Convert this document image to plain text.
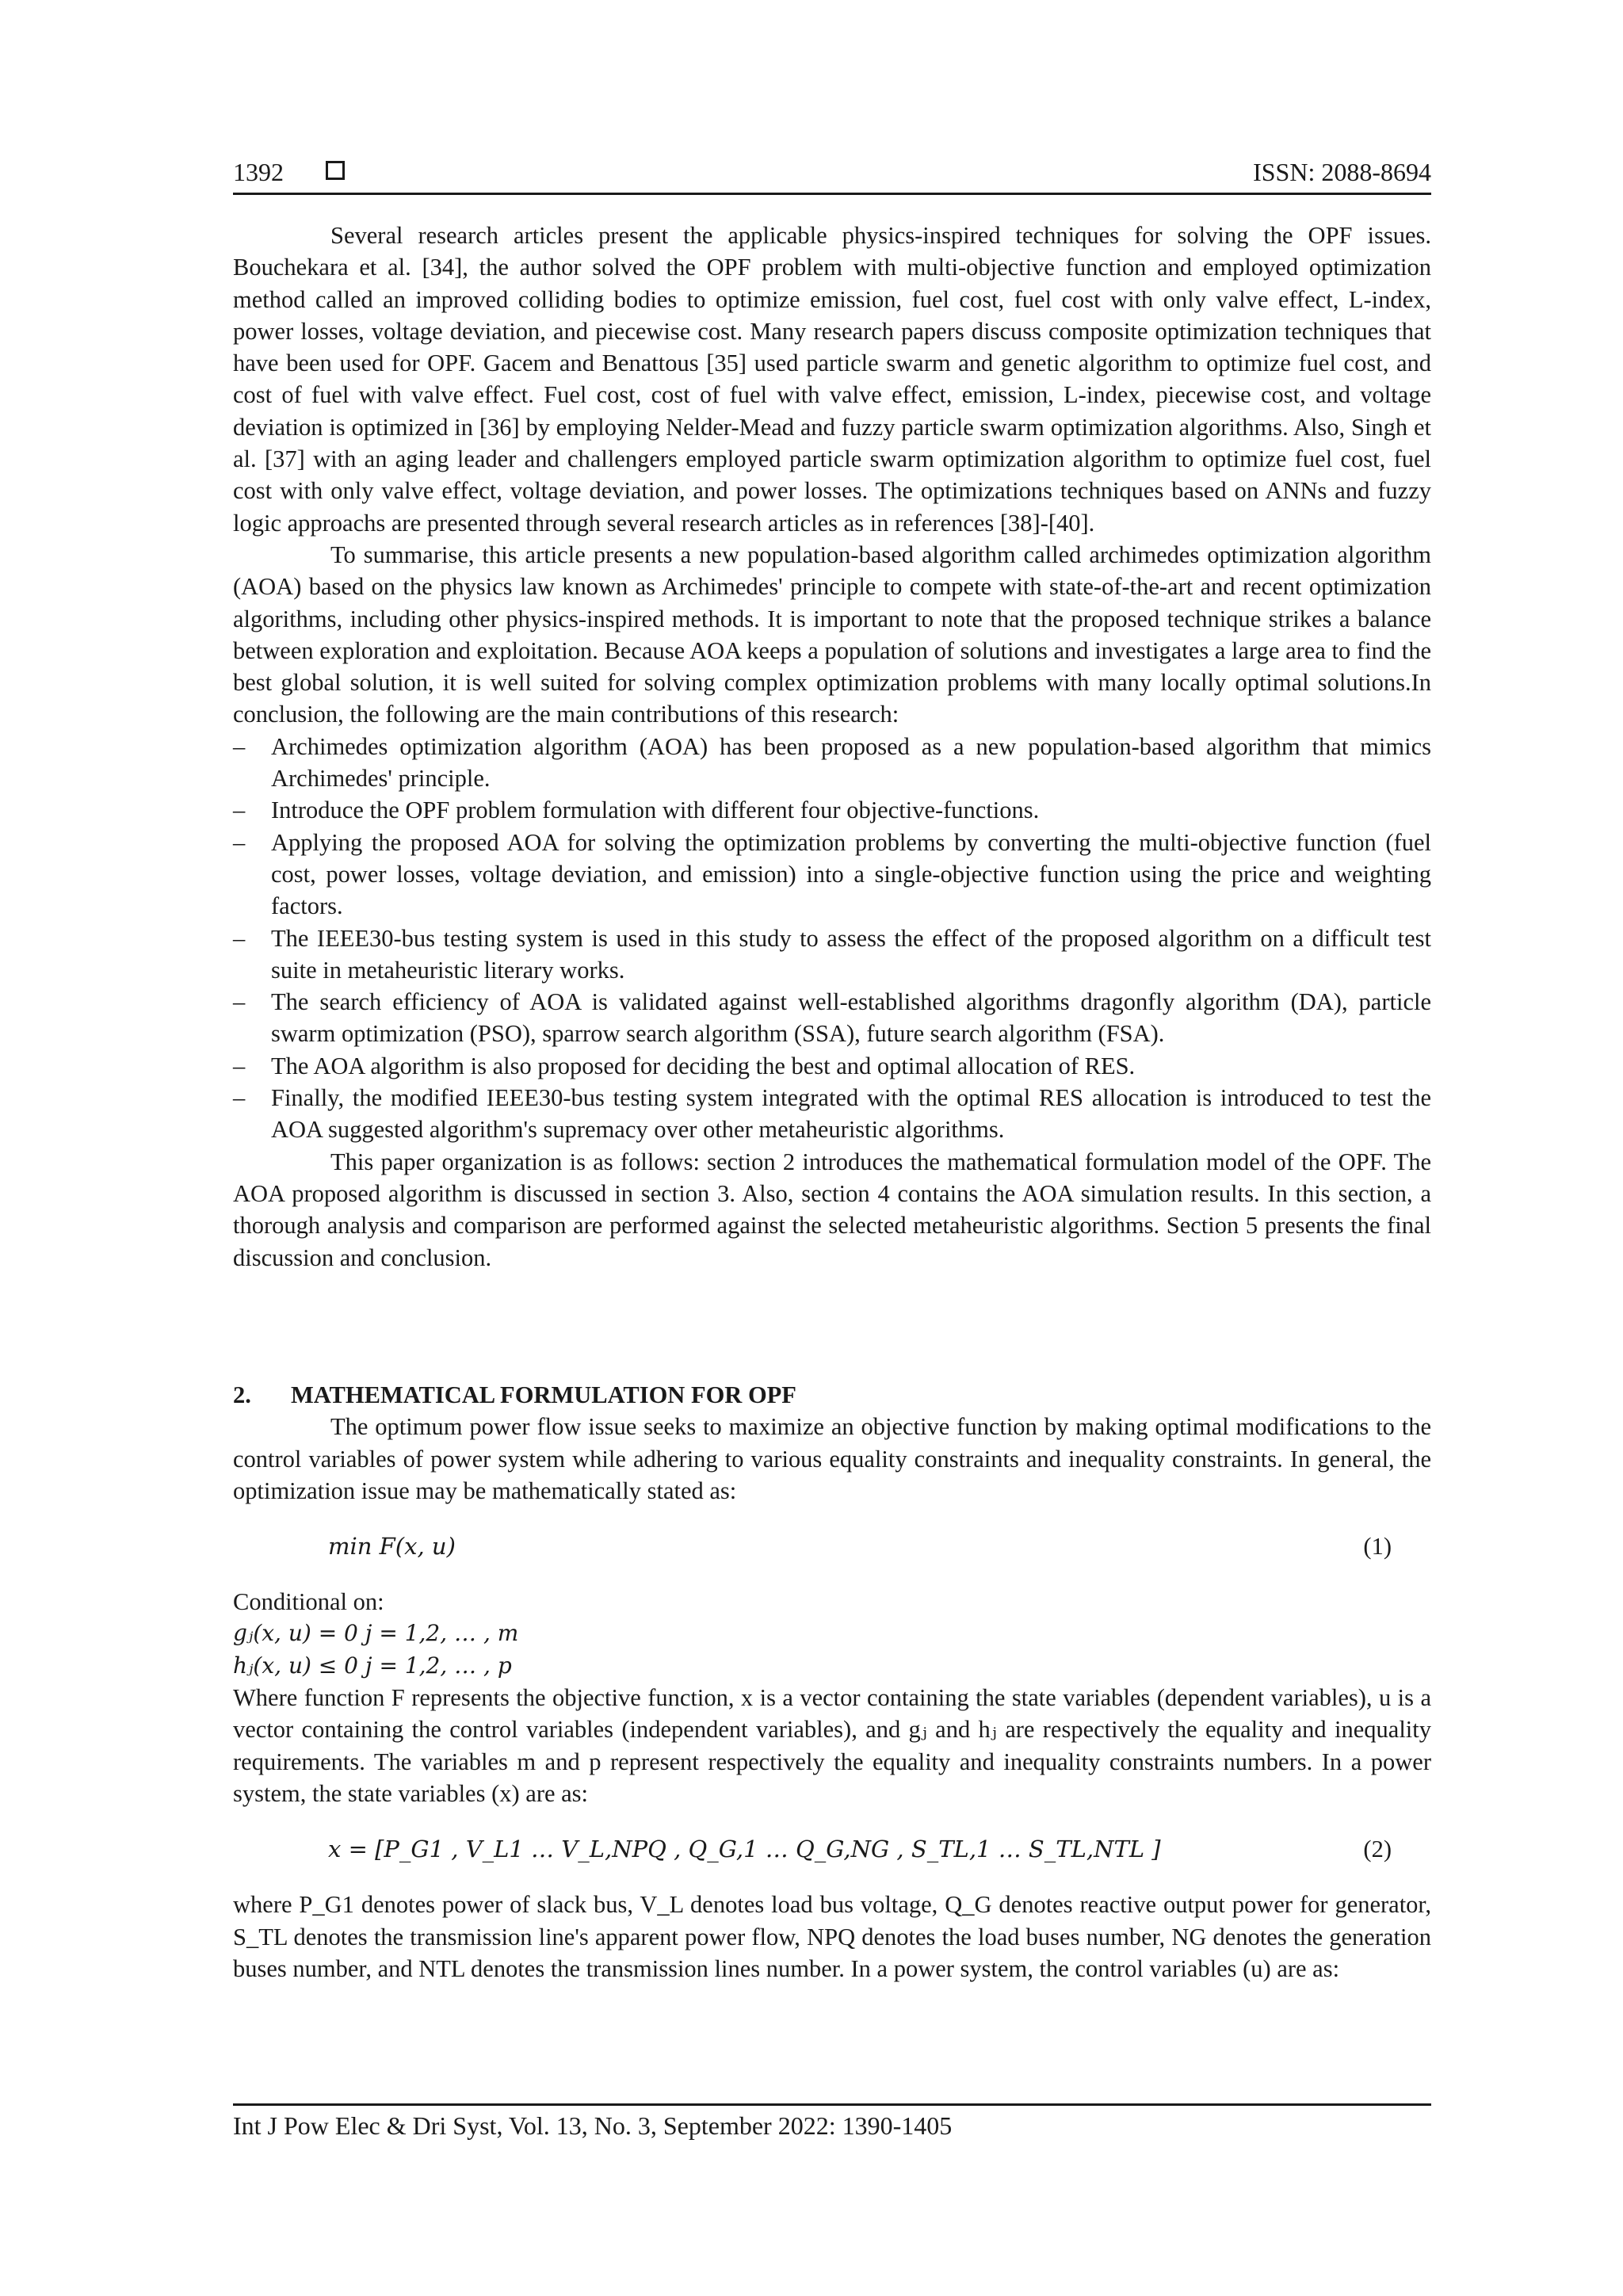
1392	ISSN: 2088-8694

Several research articles present the applicable physics-inspired techniques for solving the OPF issues. Bouchekara et al. [34], the author solved the OPF problem with multi-objective function and employed optimization method called an improved colliding bodies to optimize emission, fuel cost, fuel cost with only valve effect, L-index, power losses, voltage deviation, and piecewise cost. Many research papers discuss composite optimization techniques that have been used for OPF. Gacem and Benattous [35] used particle swarm and genetic algorithm to optimize fuel cost, and cost of fuel with valve effect. Fuel cost, cost of fuel with valve effect, emission, L-index, piecewise cost, and voltage deviation is optimized in [36] by employing Nelder-Mead and fuzzy particle swarm optimization algorithms. Also, Singh et al. [37] with an aging leader and challengers employed particle swarm optimization algorithm to optimize fuel cost, fuel cost with only valve effect, voltage deviation, and power losses. The optimizations techniques based on ANNs and fuzzy logic approachs are presented through several research articles as in references [38]-[40].

To summarise, this article presents a new population-based algorithm called archimedes optimization algorithm (AOA) based on the physics law known as Archimedes' principle to compete with state-of-the-art and recent optimization algorithms, including other physics-inspired methods. It is important to note that the proposed technique strikes a balance between exploration and exploitation. Because AOA keeps a population of solutions and investigates a large area to find the best global solution, it is well suited for solving complex optimization problems with many locally optimal solutions.In conclusion, the following are the main contributions of this research:

– Archimedes optimization algorithm (AOA) has been proposed as a new population-based algorithm that mimics Archimedes' principle.
– Introduce the OPF problem formulation with different four objective-functions.
– Applying the proposed AOA for solving the optimization problems by converting the multi-objective function (fuel cost, power losses, voltage deviation, and emission) into a single-objective function using the price and weighting factors.
– The IEEE30-bus testing system is used in this study to assess the effect of the proposed algorithm on a difficult test suite in metaheuristic literary works.
– The search efficiency of AOA is validated against well-established algorithms dragonfly algorithm (DA), particle swarm optimization (PSO), sparrow search algorithm (SSA), future search algorithm (FSA).
– The AOA algorithm is also proposed for deciding the best and optimal allocation of RES.
– Finally, the modified IEEE30-bus testing system integrated with the optimal RES allocation is introduced to test the AOA suggested algorithm's supremacy over other metaheuristic algorithms.

This paper organization is as follows: section 2 introduces the mathematical formulation model of the OPF. The AOA proposed algorithm is discussed in section 3. Also, section 4 contains the AOA simulation results. In this section, a thorough analysis and comparison are performed against the selected metaheuristic algorithms. Section 5 presents the final discussion and conclusion.

2. MATHEMATICAL FORMULATION FOR OPF

The optimum power flow issue seeks to maximize an objective function by making optimal modifications to the control variables of power system while adhering to various equality constraints and inequality constraints. In general, the optimization issue may be mathematically stated as:

min F(x, u)	(1)

Conditional on:

gⱼ(x, u) = 0 j = 1,2, … , m

hⱼ(x, u) ≤ 0 j = 1,2, … , p

Where function F represents the objective function, x is a vector containing the state variables (dependent variables), u is a vector containing the control variables (independent variables), and gⱼ and hⱼ are respectively the equality and inequality requirements. The variables m and p represent respectively the equality and inequality constraints numbers. In a power system, the state variables (x) are as:

x = [P_G1 , V_L1 … V_L,NPQ , Q_G,1 … Q_G,NG , S_TL,1 … S_TL,NTL ]	(2)

where P_G1 denotes power of slack bus, V_L denotes load bus voltage, Q_G denotes reactive output power for generator, S_TL denotes the transmission line's apparent power flow, NPQ denotes the load buses number, NG denotes the generation buses number, and NTL denotes the transmission lines number. In a power system, the control variables (u) are as:

Int J Pow Elec & Dri Syst, Vol. 13, No. 3, September 2022: 1390-1405
